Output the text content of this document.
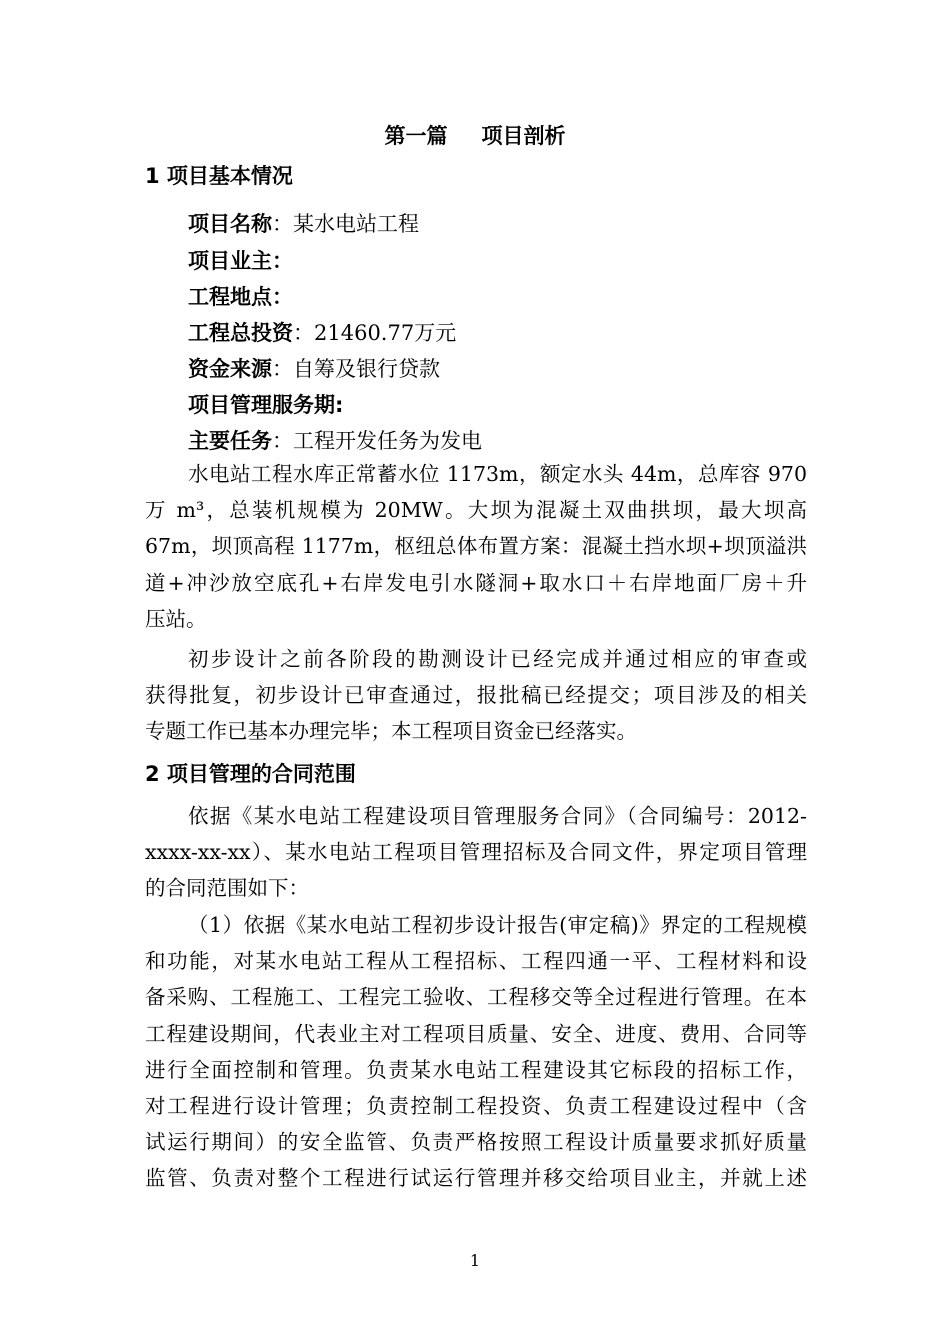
第一篇 项目剖析
1 项目基本情况
项目名称：某水电站工程
项目业主：
工程地点：
工程总投资：21460.77万元
资金来源：自筹及银行贷款
项目管理服务期:
主要任务：工程开发任务为发电
水电站工程水库正常蓄水位 1173m，额定水头 44m，总库容 970
万 m³，总装机规模为 20MW。大坝为混凝土双曲拱坝，最大坝高
67m，坝顶高程 1177m，枢纽总体布置方案：混凝土挡水坝+坝顶溢洪
道+冲沙放空底孔+右岸发电引水隧洞+取水口＋右岸地面厂房＋升
压站。
初步设计之前各阶段的勘测设计已经完成并通过相应的审查或
获得批复，初步设计已审查通过，报批稿已经提交；项目涉及的相关
专题工作已基本办理完毕；本工程项目资金已经落实。
2 项目管理的合同范围
依据《某水电站工程建设项目管理服务合同》（合同编号：2012-
xxxx-xx-xx）、某水电站工程项目管理招标及合同文件，界定项目管理
的合同范围如下：
（1）依据《某水电站工程初步设计报告(审定稿)》界定的工程规模
和功能，对某水电站工程从工程招标、工程四通一平、工程材料和设
备采购、工程施工、工程完工验收、工程移交等全过程进行管理。在本
工程建设期间，代表业主对工程项目质量、安全、进度、费用、合同等
进行全面控制和管理。负责某水电站工程建设其它标段的招标工作，
对工程进行设计管理；负责控制工程投资、负责工程建设过程中（含
试运行期间）的安全监管、负责严格按照工程设计质量要求抓好质量
监管、负责对整个工程进行试运行管理并移交给项目业主，并就上述
1
